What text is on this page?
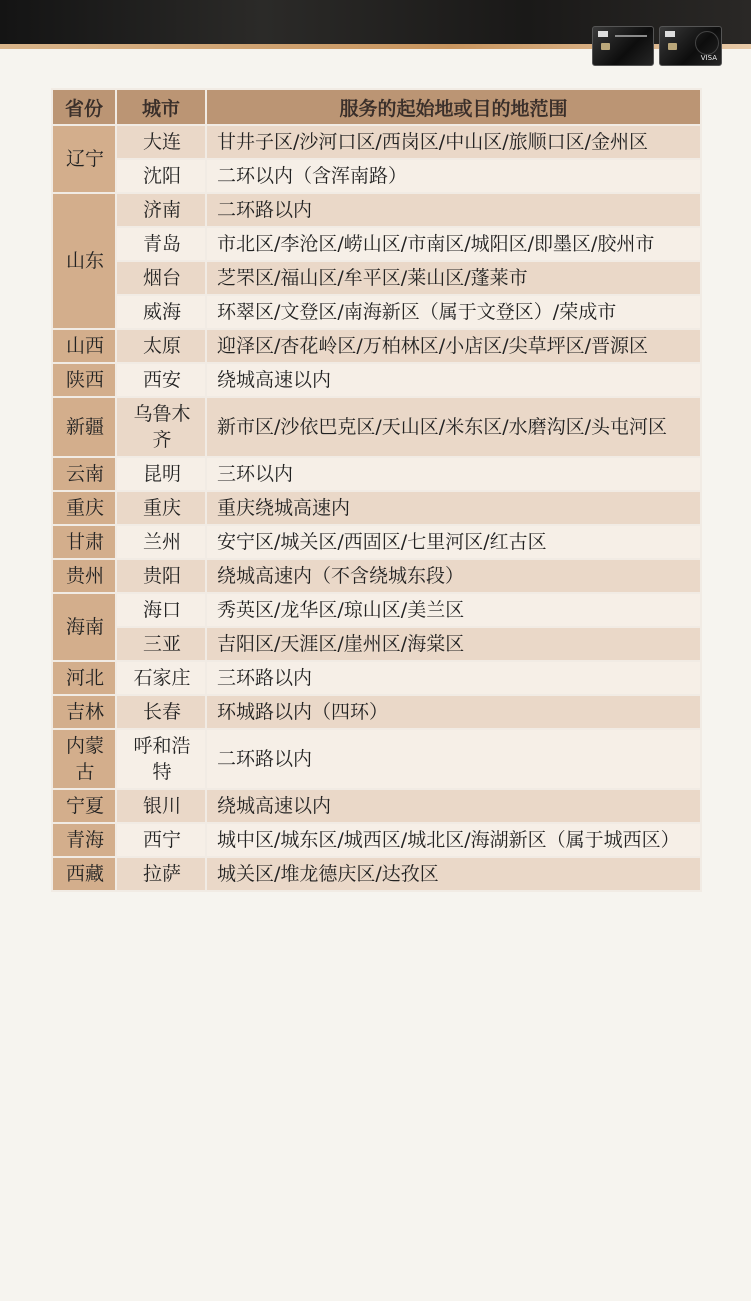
VISA
省份	城市	服务的起始地或目的地范围
辽宁	大连	甘井子区/沙河口区/西岗区/中山区/旅顺口区/金州区
	沈阳	二环以内（含浑南路）
山东	济南	二环路以内
	青岛	市北区/李沧区/崂山区/市南区/城阳区/即墨区/胶州市
	烟台	芝罘区/福山区/牟平区/莱山区/蓬莱市
	威海	环翠区/文登区/南海新区（属于文登区）/荣成市
山西	太原	迎泽区/杏花岭区/万柏林区/小店区/尖草坪区/晋源区
陕西	西安	绕城高速以内
新疆	乌鲁木齐	新市区/沙依巴克区/天山区/米东区/水磨沟区/头屯河区
云南	昆明	三环以内
重庆	重庆	重庆绕城高速内
甘肃	兰州	安宁区/城关区/西固区/七里河区/红古区
贵州	贵阳	绕城高速内（不含绕城东段）
海南	海口	秀英区/龙华区/琼山区/美兰区
	三亚	吉阳区/天涯区/崖州区/海棠区
河北	石家庄	三环路以内
吉林	长春	环城路以内（四环）
内蒙古	呼和浩特	二环路以内
宁夏	银川	绕城高速以内
青海	西宁	城中区/城东区/城西区/城北区/海湖新区（属于城西区）
西藏	拉萨	城关区/堆龙德庆区/达孜区
